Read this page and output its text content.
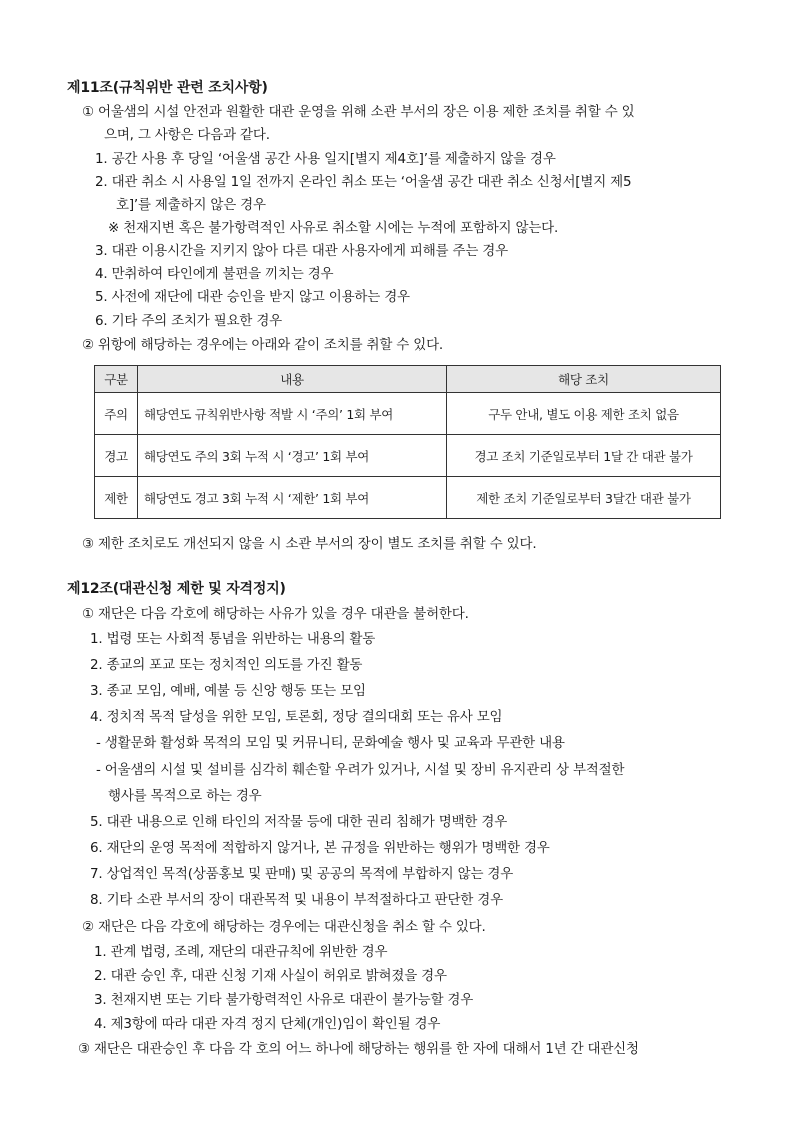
제11조(규칙위반 관련 조치사항)
① 어울샘의 시설 안전과 원활한 대관 운영을 위해 소관 부서의 장은 이용 제한 조치를 취할 수 있
으며, 그 사항은 다음과 같다.
1. 공간 사용 후 당일 ‘어울샘 공간 사용 일지[별지 제4호]’를 제출하지 않을 경우
2. 대관 취소 시 사용일 1일 전까지 온라인 취소 또는 ‘어울샘 공간 대관 취소 신청서[별지 제5
호]’를 제출하지 않은 경우
※ 천재지변 혹은 불가항력적인 사유로 취소할 시에는 누적에 포함하지 않는다.
3. 대관 이용시간을 지키지 않아 다른 대관 사용자에게 피해를 주는 경우
4. 만취하여 타인에게 불편을 끼치는 경우
5. 사전에 재단에 대관 승인을 받지 않고 이용하는 경우
6. 기타 주의 조치가 필요한 경우
② 위항에 해당하는 경우에는 아래와 같이 조치를 취할 수 있다.
구분	내용	해당 조치
주의	해당연도 규칙위반사항 적발 시 ‘주의’ 1회 부여	구두 안내, 별도 이용 제한 조치 없음
경고	해당연도 주의 3회 누적 시 ‘경고’ 1회 부여	경고 조치 기준일로부터 1달 간 대관 불가
제한	해당연도 경고 3회 누적 시 ‘제한’ 1회 부여	제한 조치 기준일로부터 3달간 대관 불가
③ 제한 조치로도 개선되지 않을 시 소관 부서의 장이 별도 조치를 취할 수 있다.
제12조(대관신청 제한 및 자격정지)
① 재단은 다음 각호에 해당하는 사유가 있을 경우 대관을 불허한다.
1. 법령 또는 사회적 통념을 위반하는 내용의 활동
2. 종교의 포교 또는 정치적인 의도를 가진 활동
3. 종교 모임, 예배, 예불 등 신앙 행동 또는 모임
4. 정치적 목적 달성을 위한 모임, 토론회, 정당 결의대회 또는 유사 모임
- 생활문화 활성화 목적의 모임 및 커뮤니티, 문화예술 행사 및 교육과 무관한 내용
- 어울샘의 시설 및 설비를 심각히 훼손할 우려가 있거나, 시설 및 장비 유지관리 상 부적절한
행사를 목적으로 하는 경우
5. 대관 내용으로 인해 타인의 저작물 등에 대한 권리 침해가 명백한 경우
6. 재단의 운영 목적에 적합하지 않거나, 본 규정을 위반하는 행위가 명백한 경우
7. 상업적인 목적(상품홍보 및 판매) 및 공공의 목적에 부합하지 않는 경우
8. 기타 소관 부서의 장이 대관목적 및 내용이 부적절하다고 판단한 경우
② 재단은 다음 각호에 해당하는 경우에는 대관신청을 취소 할 수 있다.
1. 관계 법령, 조례, 재단의 대관규칙에 위반한 경우
2. 대관 승인 후, 대관 신청 기재 사실이 허위로 밝혀졌을 경우
3. 천재지변 또는 기타 불가항력적인 사유로 대관이 불가능할 경우
4. 제3항에 따라 대관 자격 정지 단체(개인)임이 확인될 경우
③ 재단은 대관승인 후 다음 각 호의 어느 하나에 해당하는 행위를 한 자에 대해서 1년 간 대관신청
